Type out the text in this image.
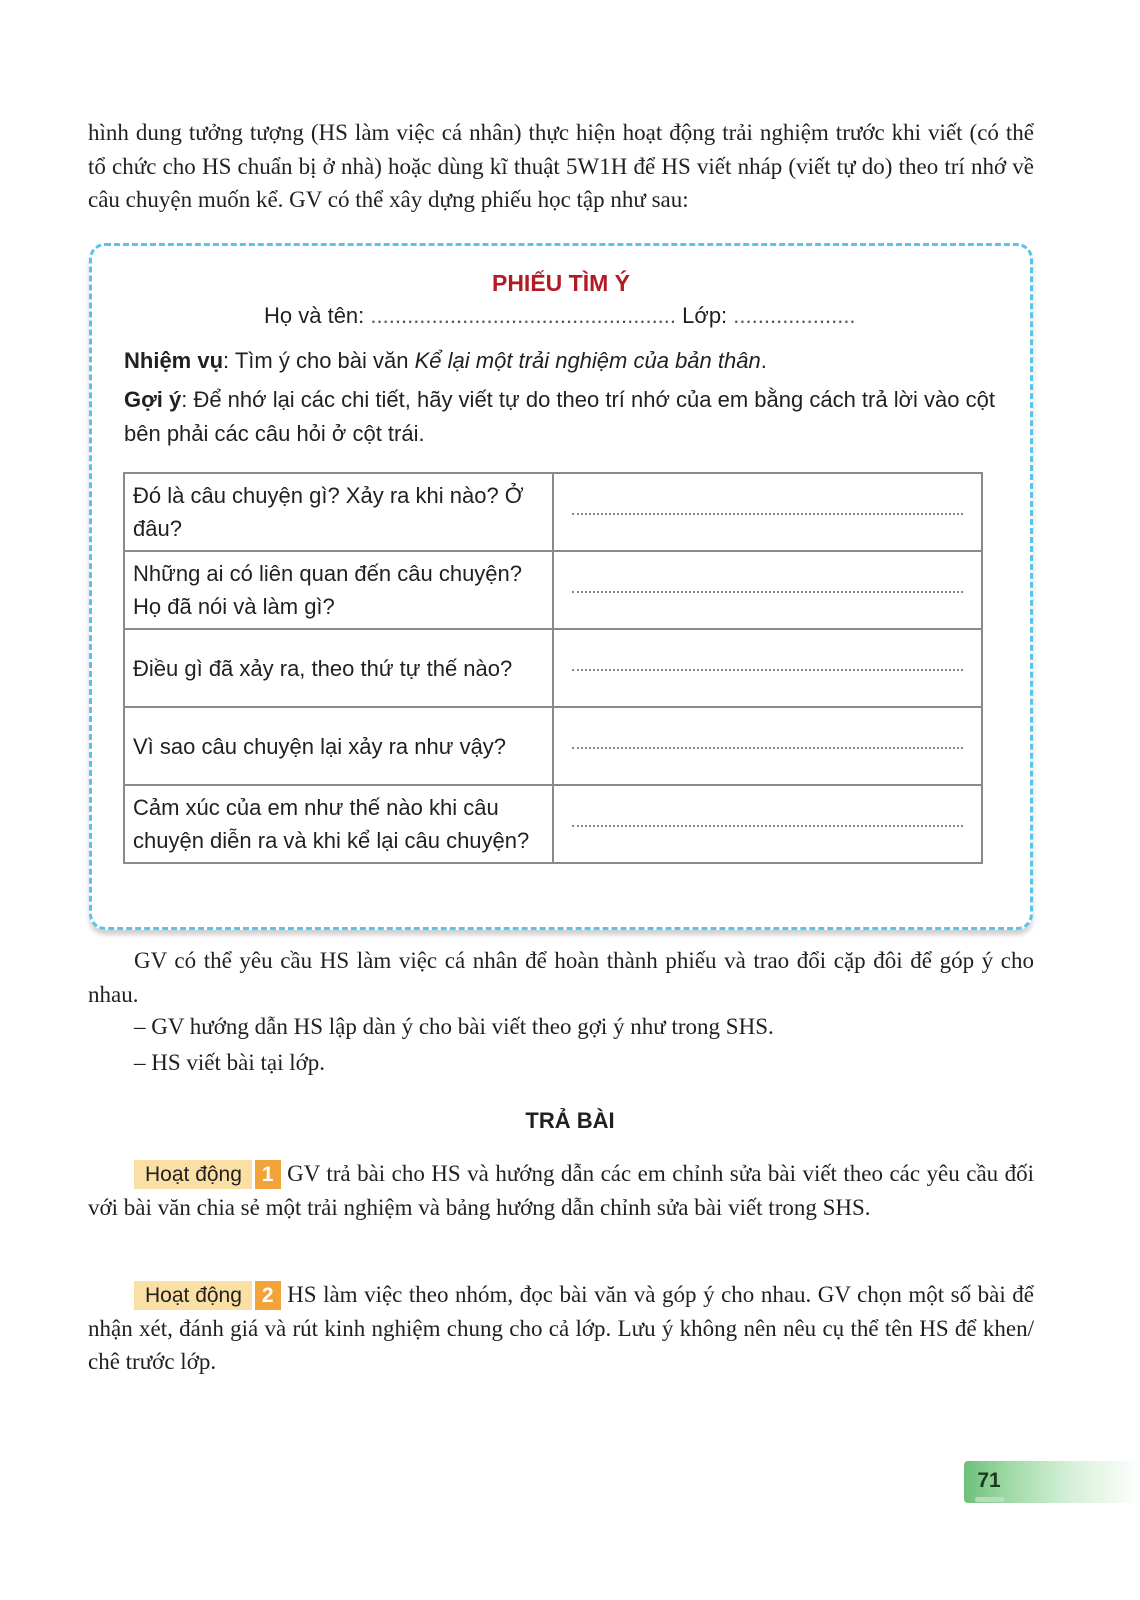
hình dung tưởng tượng (HS làm việc cá nhân) thực hiện hoạt động trải nghiệm trước khi viết (có thể tổ chức cho HS chuẩn bị ở nhà) hoặc dùng kĩ thuật 5W1H để HS viết nháp (viết tự do) theo trí nhớ về câu chuyện muốn kể. GV có thể xây dựng phiếu học tập như sau:

PHIẾU TÌM Ý

Họ và tên: .................................................. Lớp: ....................

Nhiệm vụ: Tìm ý cho bài văn Kể lại một trải nghiệm của bản thân.

Gợi ý: Để nhớ lại các chi tiết, hãy viết tự do theo trí nhớ của em bằng cách trả lời vào cột bên phải các câu hỏi ở cột trái.

Đó là câu chuyện gì? Xảy ra khi nào? Ở đâu?	

Những ai có liên quan đến câu chuyện? Họ đã nói và làm gì?	

Điều gì đã xảy ra, theo thứ tự thế nào?	

Vì sao câu chuyện lại xảy ra như vậy?	

Cảm xúc của em như thế nào khi câu chuyện diễn ra và khi kể lại câu chuyện?	

GV có thể yêu cầu HS làm việc cá nhân để hoàn thành phiếu và trao đổi cặp đôi để góp ý cho nhau.

– GV hướng dẫn HS lập dàn ý cho bài viết theo gợi ý như trong SHS.

– HS viết bài tại lớp.

TRẢ BÀI

Hoạt động 1 GV trả bài cho HS và hướng dẫn các em chỉnh sửa bài viết theo các yêu cầu đối với bài văn chia sẻ một trải nghiệm và bảng hướng dẫn chỉnh sửa bài viết trong SHS.

Hoạt động 2 HS làm việc theo nhóm, đọc bài văn và góp ý cho nhau. GV chọn một số bài để nhận xét, đánh giá và rút kinh nghiệm chung cho cả lớp. Lưu ý không nên nêu cụ thể tên HS để khen/ chê trước lớp.

71
